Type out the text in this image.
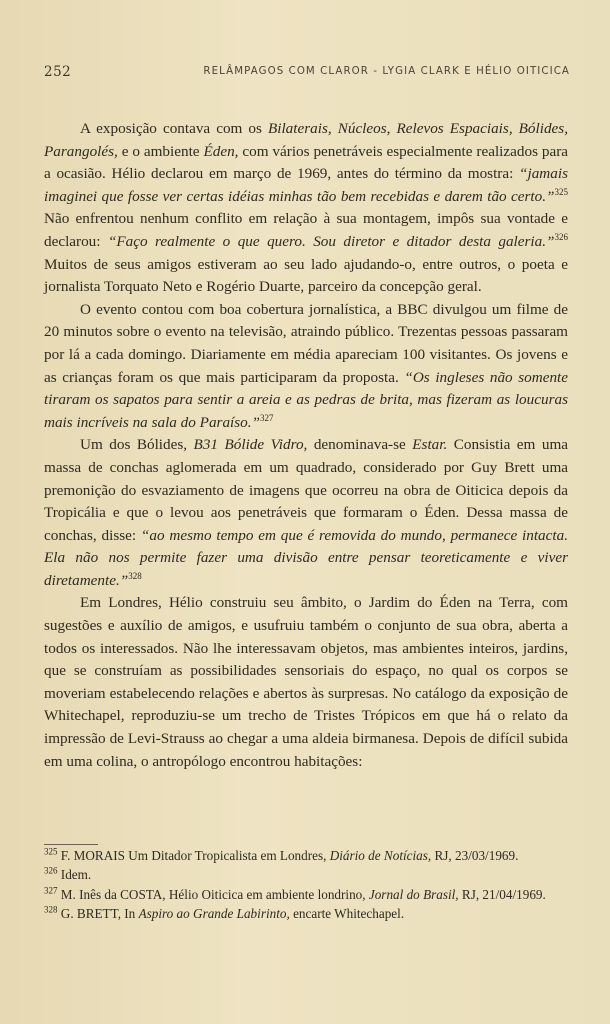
252	RELÂMPAGOS COM CLAROR - LYGIA CLARK E HÉLIO OITICICA

A exposição contava com os Bilaterais, Núcleos, Relevos Espaciais, Bólides, Parangolés, e o ambiente Éden, com vários penetráveis especialmente realizados para a ocasião. Hélio declarou em março de 1969, antes do término da mostra: “jamais imaginei que fosse ver certas idéias minhas tão bem recebidas e darem tão certo.”$^{325}$ Não enfrentou nenhum conflito em relação à sua montagem, impôs sua vontade e declarou: “Faço realmente o que quero. Sou diretor e ditador desta galeria.”$^{326}$ Muitos de seus amigos estiveram ao seu lado ajudando-o, entre outros, o poeta e jornalista Torquato Neto e Rogério Duarte, parceiro da concepção geral.

O evento contou com boa cobertura jornalística, a BBC divulgou um filme de 20 minutos sobre o evento na televisão, atraindo público. Trezentas pessoas passaram por lá a cada domingo. Diariamente em média apareciam 100 visitantes. Os jovens e as crianças foram os que mais participaram da proposta. “Os ingleses não somente tiraram os sapatos para sentir a areia e as pedras de brita, mas fizeram as loucuras mais incríveis na sala do Paraíso.”$^{327}$

Um dos Bólides, B31 Bólide Vidro, denominava-se Estar. Consistia em uma massa de conchas aglomerada em um quadrado, considerado por Guy Brett uma premonição do esvaziamento de imagens que ocorreu na obra de Oiticica depois da Tropicália e que o levou aos penetráveis que formaram o Éden. Dessa massa de conchas, disse: “ao mesmo tempo em que é removida do mundo, permanece intacta. Ela não nos permite fazer uma divisão entre pensar teoreticamente e viver diretamente.”$^{328}$

Em Londres, Hélio construiu seu âmbito, o Jardim do Éden na Terra, com sugestões e auxílio de amigos, e usufruiu também o conjunto de sua obra, aberta a todos os interessados. Não lhe interessavam objetos, mas ambientes inteiros, jardins, que se construíam as possibilidades sensoriais do espaço, no qual os corpos se moveriam estabelecendo relações e abertos às surpresas. No catálogo da exposição de Whitechapel, reproduziu-se um trecho de Tristes Trópicos em que há o relato da impressão de Levi-Strauss ao chegar a uma aldeia birmanesa. Depois de difícil subida em uma colina, o antropólogo encontrou habitações:

$^{325}$ F. MORAIS Um Ditador Tropicalista em Londres, Diário de Notícias, RJ, 23/03/1969.

$^{326}$ Idem.

$^{327}$ M. Inês da COSTA, Hélio Oiticica em ambiente londrino, Jornal do Brasil, RJ, 21/04/1969.

$^{328}$ G. BRETT, In Aspiro ao Grande Labirinto, encarte Whitechapel.
